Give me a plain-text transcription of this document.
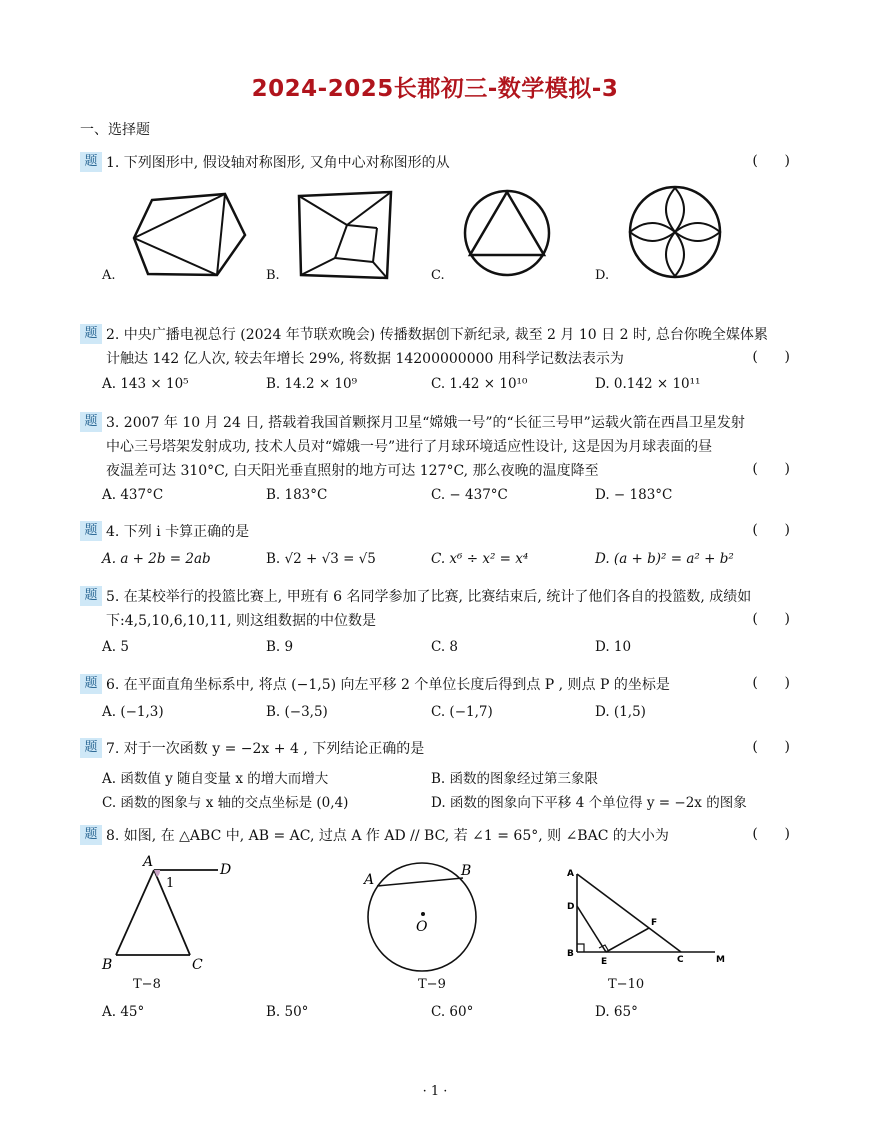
2024-2025长郡初三-数学模拟-3
一、选择题
题 1. 下列图形中, 假设轴对称图形, 又角中心对称图形的从	(      )
A.	B.	C.	D.
题 2. 中央广播电视总行 (2024 年节联欢晚会) 传播数据创下新纪录, 裁至 2 月 10 日 2 时, 总台你晚全媒体累
计触达 142 亿人次, 较去年增长 29%, 将数据 14200000000 用科学记数法表示为	(      )
A. 143 × 10⁵	B. 14.2 × 10⁹	C. 1.42 × 10¹⁰	D. 0.142 × 10¹¹
题 3. 2007 年 10 月 24 日, 搭载着我国首颗探月卫星“嫦娥一号”的“长征三号甲”运载火箭在西昌卫星发射
中心三号塔架发射成功, 技术人员对“嫦娥一号”进行了月球环境适应性设计, 这是因为月球表面的昼
夜温差可达 310°C, 白天阳光垂直照射的地方可达 127°C, 那么夜晚的温度降至	(      )
A. 437°C	B. 183°C	C. − 437°C	D. − 183°C
题 4. 下列 i 卡算正确的是	(      )
A. a + 2b = 2ab	B. √2 + √3 = √5	C. x⁶ ÷ x² = x⁴	D. (a + b)² = a² + b²
题 5. 在某校举行的投篮比赛上, 甲班有 6 名同学参加了比赛, 比赛结束后, 统计了他们各自的投篮数, 成绩如
下:4,5,10,6,10,11, 则这组数据的中位数是	(      )
A. 5	B. 9	C. 8	D. 10
题 6. 在平面直角坐标系中, 将点 (−1,5) 向左平移 2 个单位长度后得到点 P , 则点 P 的坐标是	(      )
A. (−1,3)	B. (−3,5)	C. (−1,7)	D. (1,5)
题 7. 对于一次函数 y = −2x + 4 , 下列结论正确的是	(      )
A. 函数值 y 随自变量 x 的增大而增大	B. 函数的图象经过第三象限
C. 函数的图象与 x 轴的交点坐标是 (0,4)	D. 函数的图象向下平移 4 个单位得 y = −2x 的图象
题 8. 如图, 在 △ABC 中, AB = AC, 过点 A 作 AD // BC, 若 ∠1 = 65°, 则 ∠BAC 的大小为	(      )
A	D
1
B	C
T−8
A
B
O
T−9
A
D
F
B
E	C	M
T−10
A. 45°	B. 50°	C. 60°	D. 65°
· 1 ·
